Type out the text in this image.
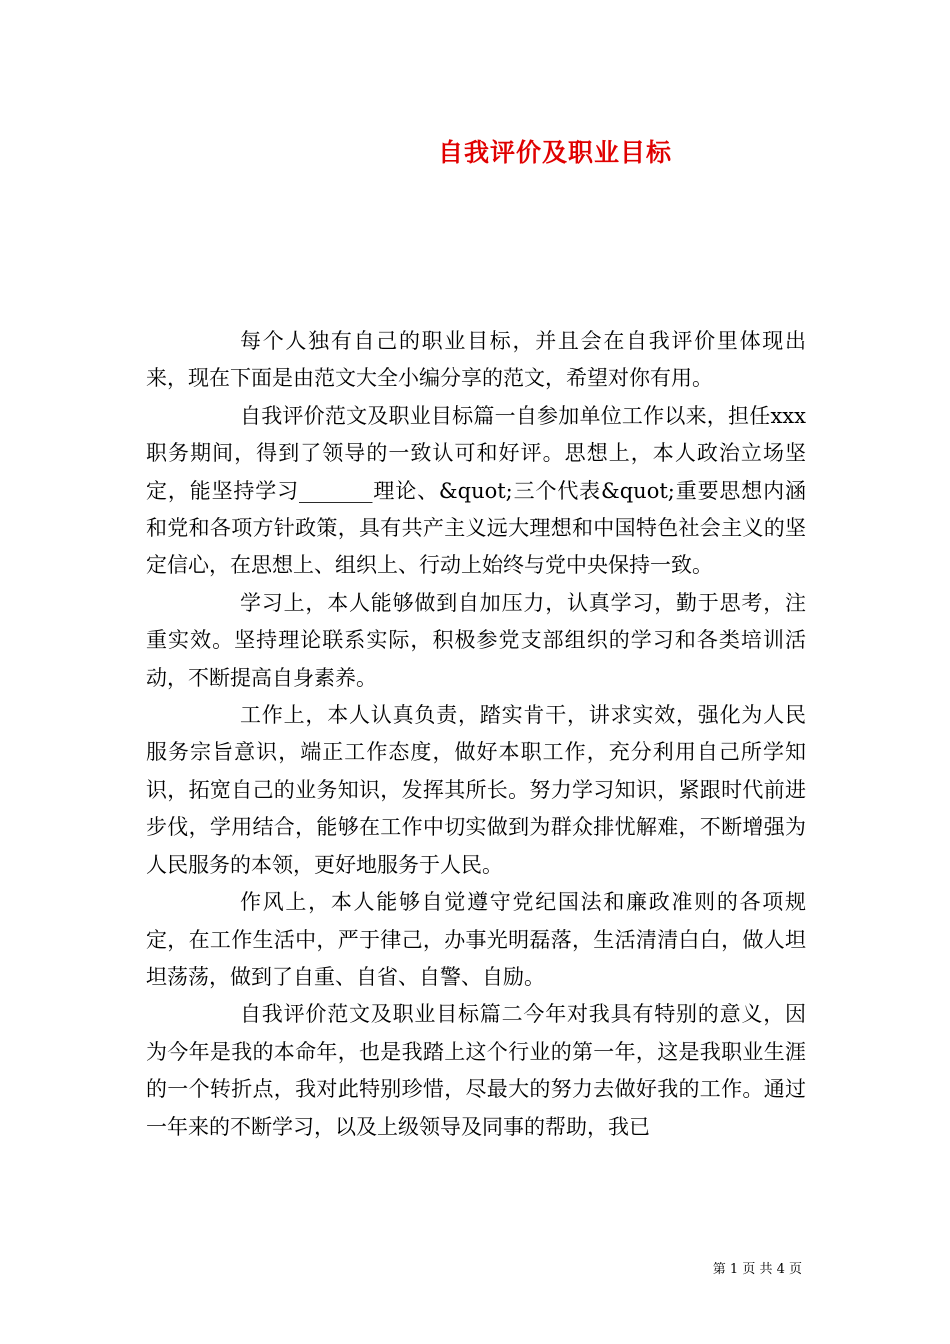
自我评价及职业目标

每个人独有自己的职业目标，并且会在自我评价里体现出来，现在下面是由范文大全小编分享的范文，希望对你有用。

自我评价范文及职业目标篇一自参加单位工作以来，担任xxx职务期间，得到了领导的一致认可和好评。思想上，本人政治立场坚定，能坚持学习_______理论、&quot;三个代表&quot;重要思想内涵和党和各项方针政策，具有共产主义远大理想和中国特色社会主义的坚定信心，在思想上、组织上、行动上始终与党中央保持一致。

学习上，本人能够做到自加压力，认真学习，勤于思考，注重实效。坚持理论联系实际，积极参党支部组织的学习和各类培训活动，不断提高自身素养。

工作上，本人认真负责，踏实肯干，讲求实效，强化为人民服务宗旨意识，端正工作态度，做好本职工作，充分利用自己所学知识，拓宽自己的业务知识，发挥其所长。努力学习知识，紧跟时代前进步伐，学用结合，能够在工作中切实做到为群众排忧解难，不断增强为人民服务的本领，更好地服务于人民。

作风上，本人能够自觉遵守党纪国法和廉政准则的各项规定，在工作生活中，严于律己，办事光明磊落，生活清清白白，做人坦坦荡荡，做到了自重、自省、自警、自励。

自我评价范文及职业目标篇二今年对我具有特别的意义，因为今年是我的本命年，也是我踏上这个行业的第一年，这是我职业生涯的一个转折点，我对此特别珍惜，尽最大的努力去做好我的工作。通过一年来的不断学习，以及上级领导及同事的帮助，我已

第 1 页 共 4 页
